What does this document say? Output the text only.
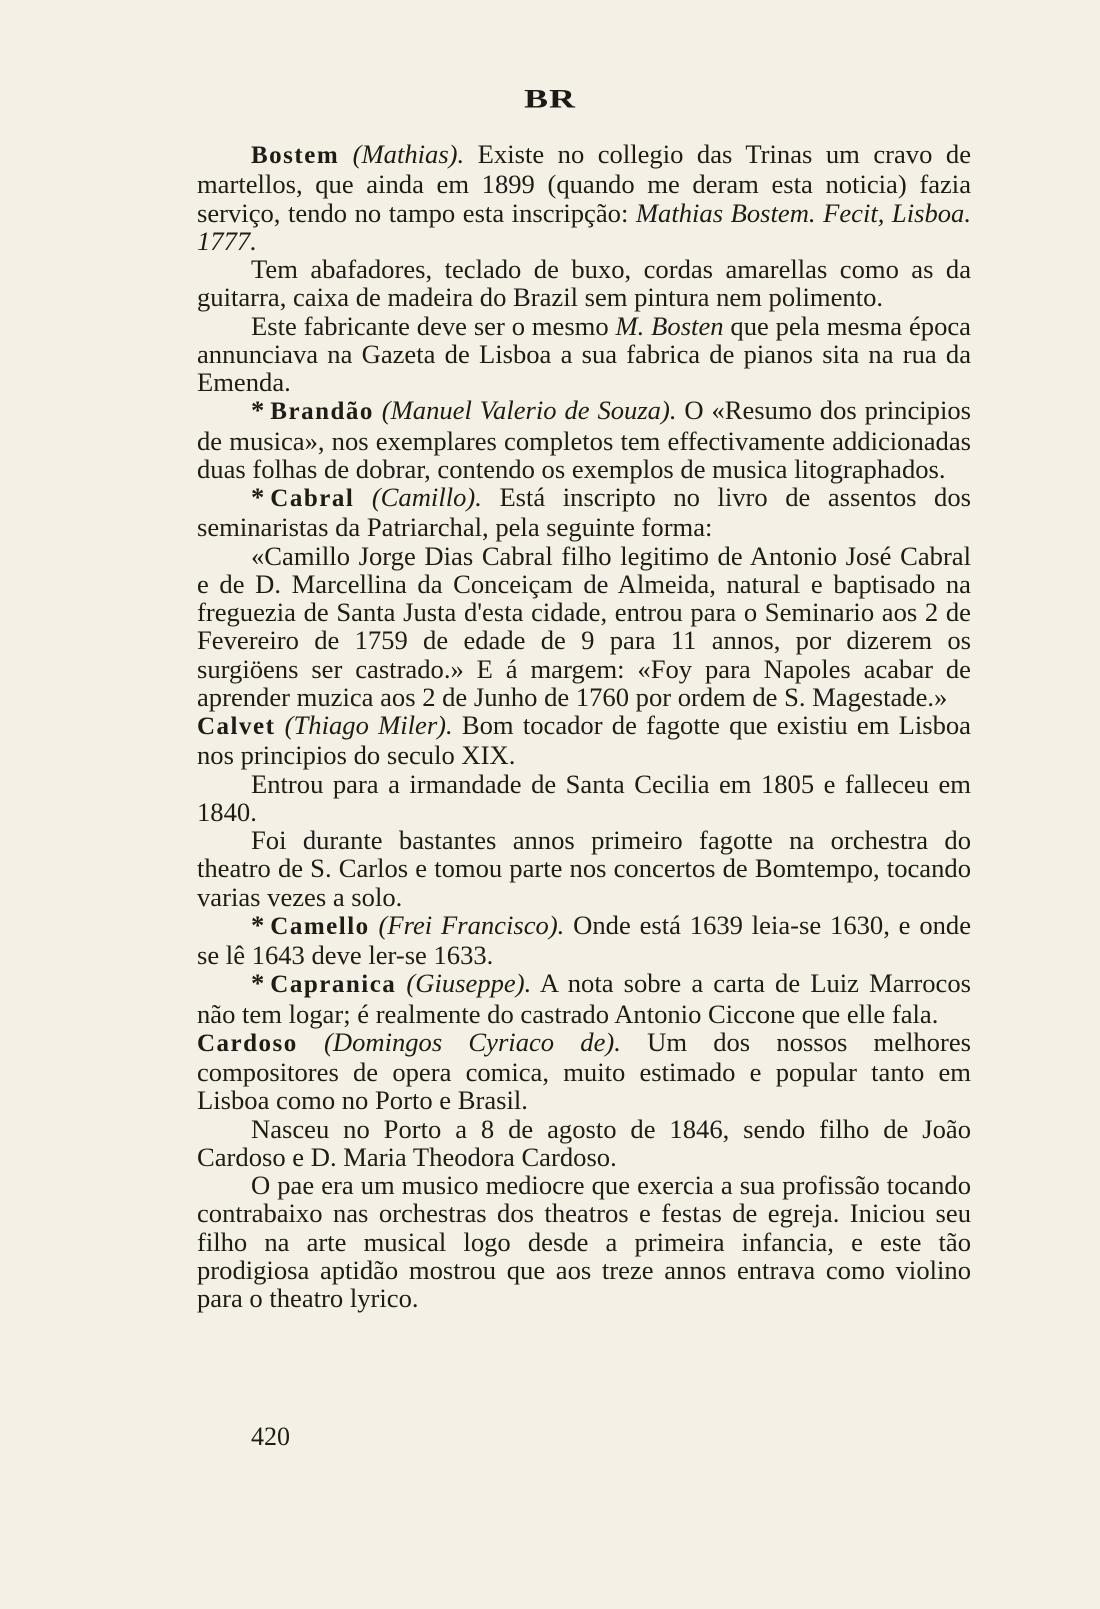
BR

Bostem (Mathias). Existe no collegio das Trinas um cravo de martellos, que ainda em 1899 (quando me deram esta noticia) fazia serviço, tendo no tampo esta inscripção: Mathias Bostem. Fecit, Lisboa. 1777.

Tem abafadores, teclado de buxo, cordas amarellas como as da guitarra, caixa de madeira do Brazil sem pintura nem polimento.

Este fabricante deve ser o mesmo M. Bosten que pela mesma época annunciava na Gazeta de Lisboa a sua fabrica de pianos sita na rua da Emenda.

* Brandão (Manuel Valerio de Souza). O «Resumo dos principios de musica», nos exemplares completos tem effectivamente addicionadas duas folhas de dobrar, contendo os exemplos de musica litographados.

* Cabral (Camillo). Está inscripto no livro de assentos dos seminaristas da Patriarchal, pela seguinte forma:

«Camillo Jorge Dias Cabral filho legitimo de Antonio José Cabral e de D. Marcellina da Conceiçam de Almeida, natural e baptisado na freguezia de Santa Justa d'esta cidade, entrou para o Seminario aos 2 de Fevereiro de 1759 de edade de 9 para 11 annos, por dizerem os surgiöens ser castrado.» E á margem: «Foy para Napoles acabar de aprender muzica aos 2 de Junho de 1760 por ordem de S. Magestade.»

Calvet (Thiago Miler). Bom tocador de fagotte que existiu em Lisboa nos principios do seculo XIX.

Entrou para a irmandade de Santa Cecilia em 1805 e falleceu em 1840.

Foi durante bastantes annos primeiro fagotte na orchestra do theatro de S. Carlos e tomou parte nos concertos de Bomtempo, tocando varias vezes a solo.

* Camello (Frei Francisco). Onde está 1639 leia-se 1630, e onde se lê 1643 deve ler-se 1633.

* Capranica (Giuseppe). A nota sobre a carta de Luiz Marrocos não tem logar; é realmente do castrado Antonio Ciccone que elle fala.

Cardoso (Domingos Cyriaco de). Um dos nossos melhores compositores de opera comica, muito estimado e popular tanto em Lisboa como no Porto e Brasil.

Nasceu no Porto a 8 de agosto de 1846, sendo filho de João Cardoso e D. Maria Theodora Cardoso.

O pae era um musico mediocre que exercia a sua profissão tocando contrabaixo nas orchestras dos theatros e festas de egreja. Iniciou seu filho na arte musical logo desde a primeira infancia, e este tão prodigiosa aptidão mostrou que aos treze annos entrava como violino para o theatro lyrico.

420
